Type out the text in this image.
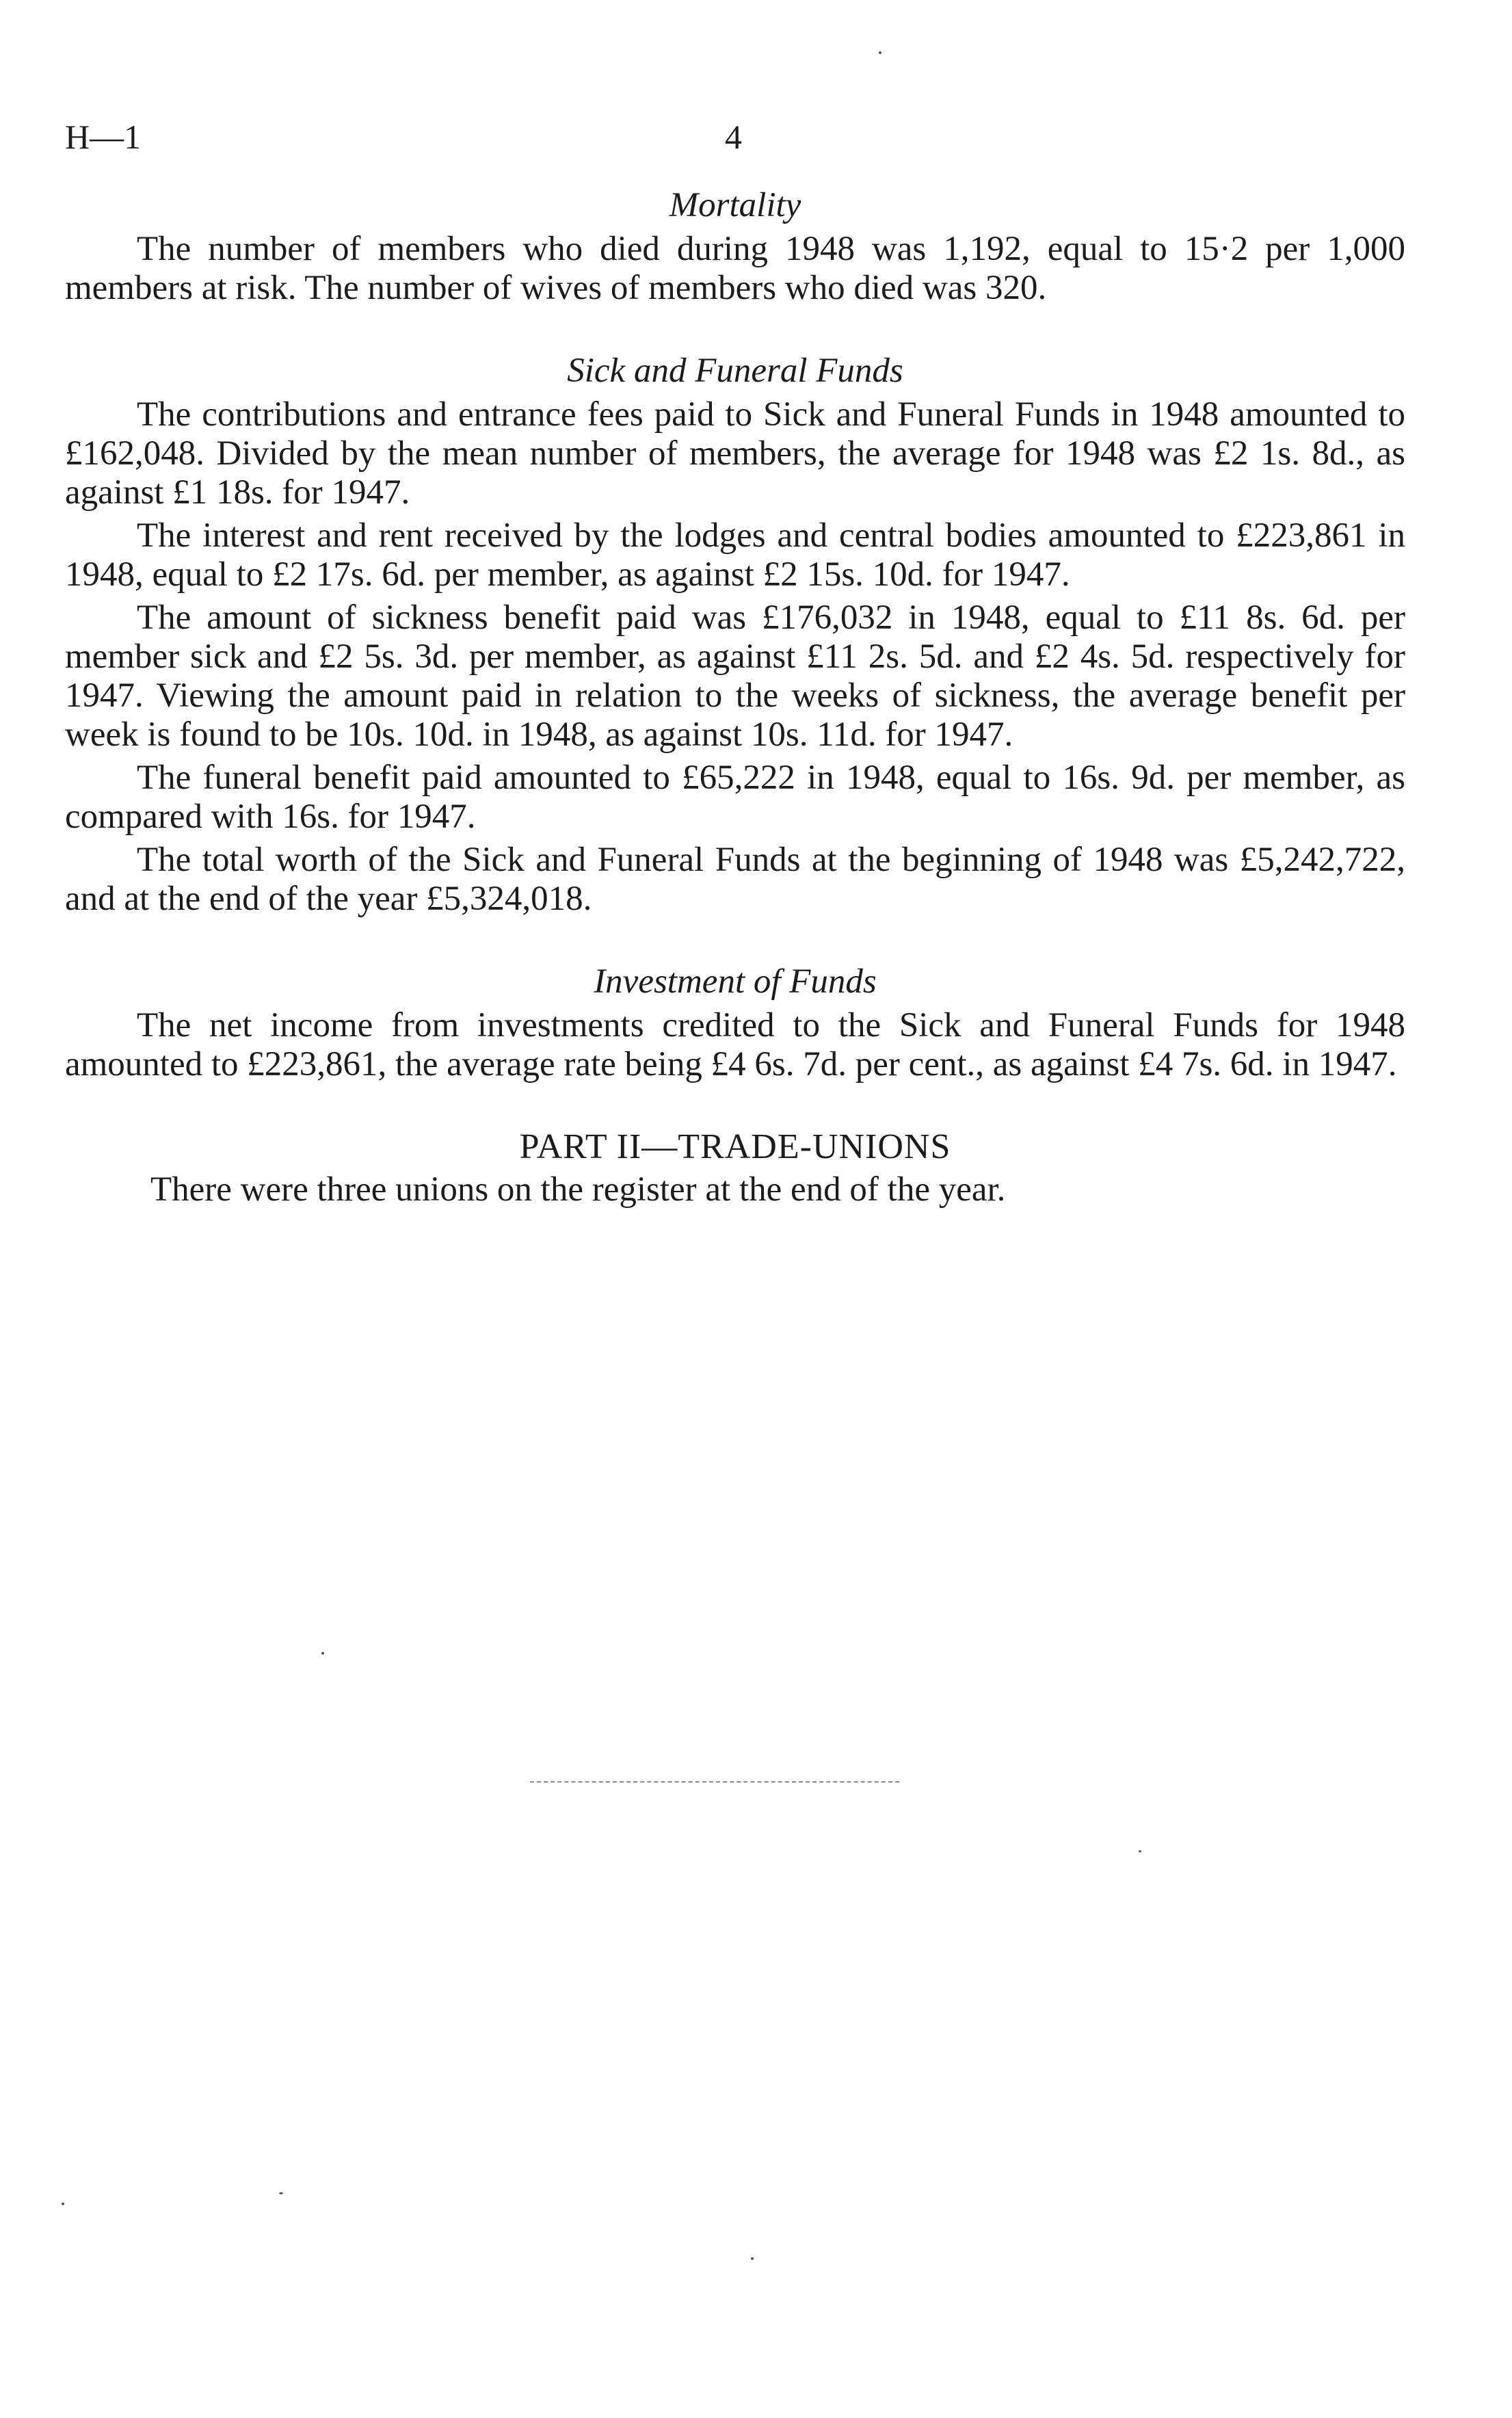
H—1	4
Mortality

The number of members who died during 1948 was 1,192, equal to 15·2 per 1,000 members at risk. The number of wives of members who died was 320.

Sick and Funeral Funds

The contributions and entrance fees paid to Sick and Funeral Funds in 1948 amounted to £162,048. Divided by the mean number of members, the average for 1948 was £2 1s. 8d., as against £1 18s. for 1947.

The interest and rent received by the lodges and central bodies amounted to £223,861 in 1948, equal to £2 17s. 6d. per member, as against £2 15s. 10d. for 1947.

The amount of sickness benefit paid was £176,032 in 1948, equal to £11 8s. 6d. per member sick and £2 5s. 3d. per member, as against £11 2s. 5d. and £2 4s. 5d. respectively for 1947. Viewing the amount paid in relation to the weeks of sickness, the average benefit per week is found to be 10s. 10d. in 1948, as against 10s. 11d. for 1947.

The funeral benefit paid amounted to £65,222 in 1948, equal to 16s. 9d. per member, as compared with 16s. for 1947.

The total worth of the Sick and Funeral Funds at the beginning of 1948 was £5,242,722, and at the end of the year £5,324,018.

Investment of Funds

The net income from investments credited to the Sick and Funeral Funds for 1948 amounted to £223,861, the average rate being £4 6s. 7d. per cent., as against £4 7s. 6d. in 1947.

PART II—TRADE-UNIONS

There were three unions on the register at the end of the year.
